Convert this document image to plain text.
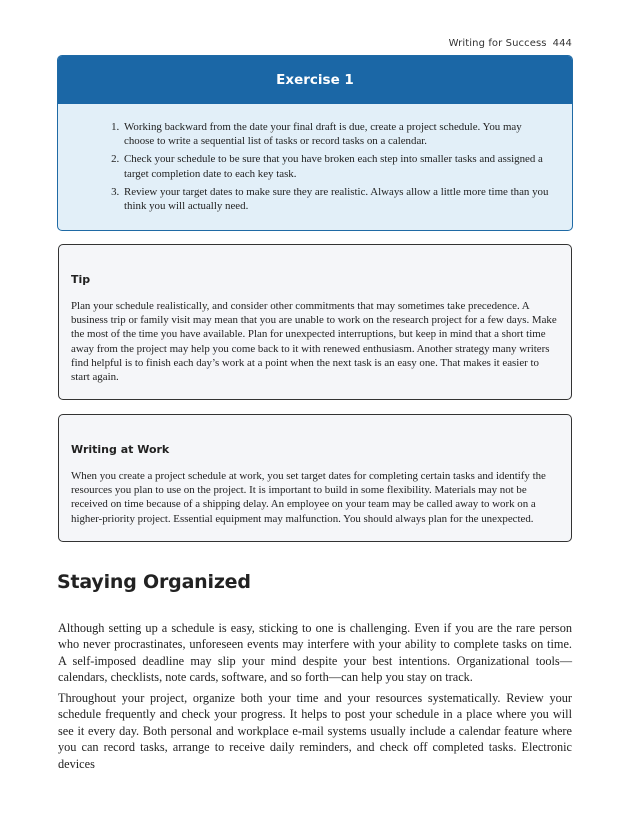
Writing for Success 444
Exercise 1
1. Working backward from the date your final draft is due, create a project schedule. You may choose to write a sequential list of tasks or record tasks on a calendar.
2. Check your schedule to be sure that you have broken each step into smaller tasks and assigned a target completion date to each key task.
3. Review your target dates to make sure they are realistic. Always allow a little more time than you think you will actually need.
Tip

Plan your schedule realistically, and consider other commitments that may sometimes take precedence. A business trip or family visit may mean that you are unable to work on the research project for a few days. Make the most of the time you have available. Plan for unexpected interruptions, but keep in mind that a short time away from the project may help you come back to it with renewed enthusiasm. Another strategy many writers find helpful is to finish each day’s work at a point when the next task is an easy one. That makes it easier to start again.

Writing at Work

When you create a project schedule at work, you set target dates for completing certain tasks and identify the resources you plan to use on the project. It is important to build in some flexibility. Materials may not be received on time because of a shipping delay. An employee on your team may be called away to work on a higher-priority project. Essential equipment may malfunction. You should always plan for the unexpected.

Staying Organized

Although setting up a schedule is easy, sticking to one is challenging. Even if you are the rare person who never procrastinates, unforeseen events may interfere with your ability to complete tasks on time. A self-imposed deadline may slip your mind despite your best intentions. Organizational tools—calendars, checklists, note cards, software, and so forth—can help you stay on track.

Throughout your project, organize both your time and your resources systematically. Review your schedule frequently and check your progress. It helps to post your schedule in a place where you will see it every day. Both personal and workplace e-mail systems usually include a calendar feature where you can record tasks, arrange to receive daily reminders, and check off completed tasks. Electronic devices
